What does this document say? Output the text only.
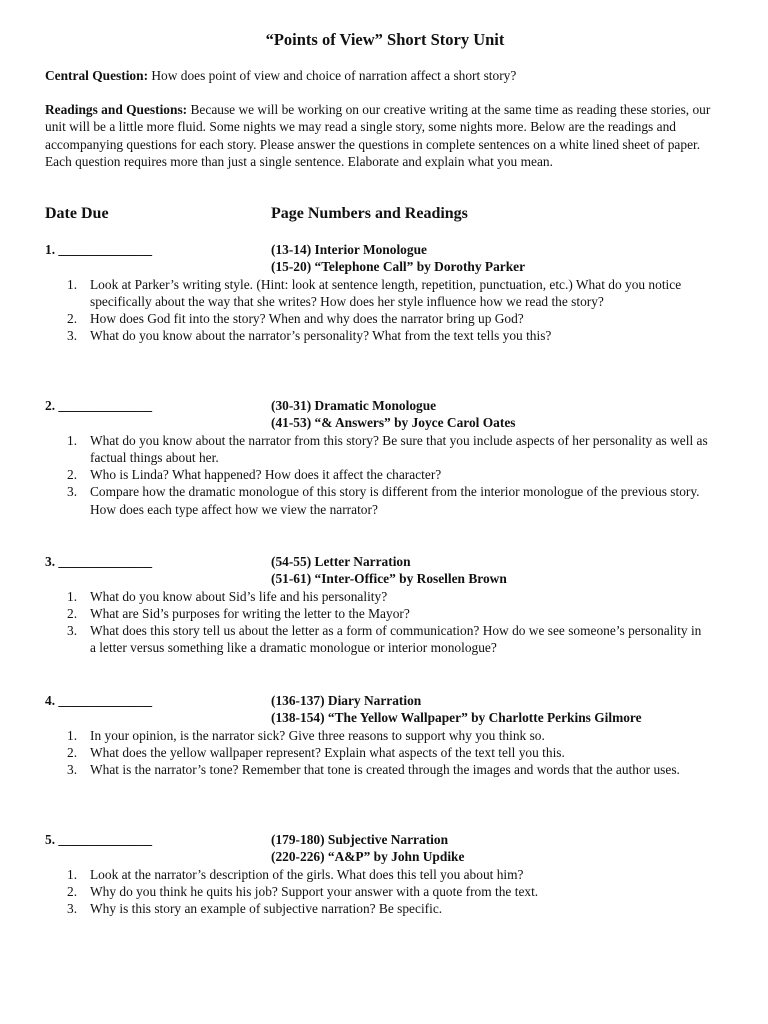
“Points of View” Short Story Unit
Central Question: How does point of view and choice of narration affect a short story?
Readings and Questions: Because we will be working on our creative writing at the same time as reading these stories, our unit will be a little more fluid. Some nights we may read a single story, some nights more. Below are the readings and accompanying questions for each story. Please answer the questions in complete sentences on a white lined sheet of paper. Each question requires more than just a single sentence. Elaborate and explain what you mean.
Date Due	Page Numbers and Readings
1. ______________	(13-14) Interior Monologue
(15-20) “Telephone Call” by Dorothy Parker
1. Look at Parker’s writing style. (Hint: look at sentence length, repetition, punctuation, etc.) What do you notice specifically about the way that she writes? How does her style influence how we read the story?
2. How does God fit into the story? When and why does the narrator bring up God?
3. What do you know about the narrator’s personality? What from the text tells you this?
2. ______________	(30-31) Dramatic Monologue
(41-53) “& Answers” by Joyce Carol Oates
1. What do you know about the narrator from this story? Be sure that you include aspects of her personality as well as factual things about her.
2. Who is Linda? What happened? How does it affect the character?
3. Compare how the dramatic monologue of this story is different from the interior monologue of the previous story. How does each type affect how we view the narrator?
3. ______________	(54-55) Letter Narration
(51-61) “Inter-Office” by Rosellen Brown
1. What do you know about Sid’s life and his personality?
2. What are Sid’s purposes for writing the letter to the Mayor?
3. What does this story tell us about the letter as a form of communication? How do we see someone’s personality in a letter versus something like a dramatic monologue or interior monologue?
4. ______________	(136-137) Diary Narration
(138-154) “The Yellow Wallpaper” by Charlotte Perkins Gilmore
1. In your opinion, is the narrator sick? Give three reasons to support why you think so.
2. What does the yellow wallpaper represent? Explain what aspects of the text tell you this.
3. What is the narrator’s tone? Remember that tone is created through the images and words that the author uses.
5. ______________	(179-180) Subjective Narration
(220-226) “A&P” by John Updike
1. Look at the narrator’s description of the girls. What does this tell you about him?
2. Why do you think he quits his job? Support your answer with a quote from the text.
3. Why is this story an example of subjective narration? Be specific.
